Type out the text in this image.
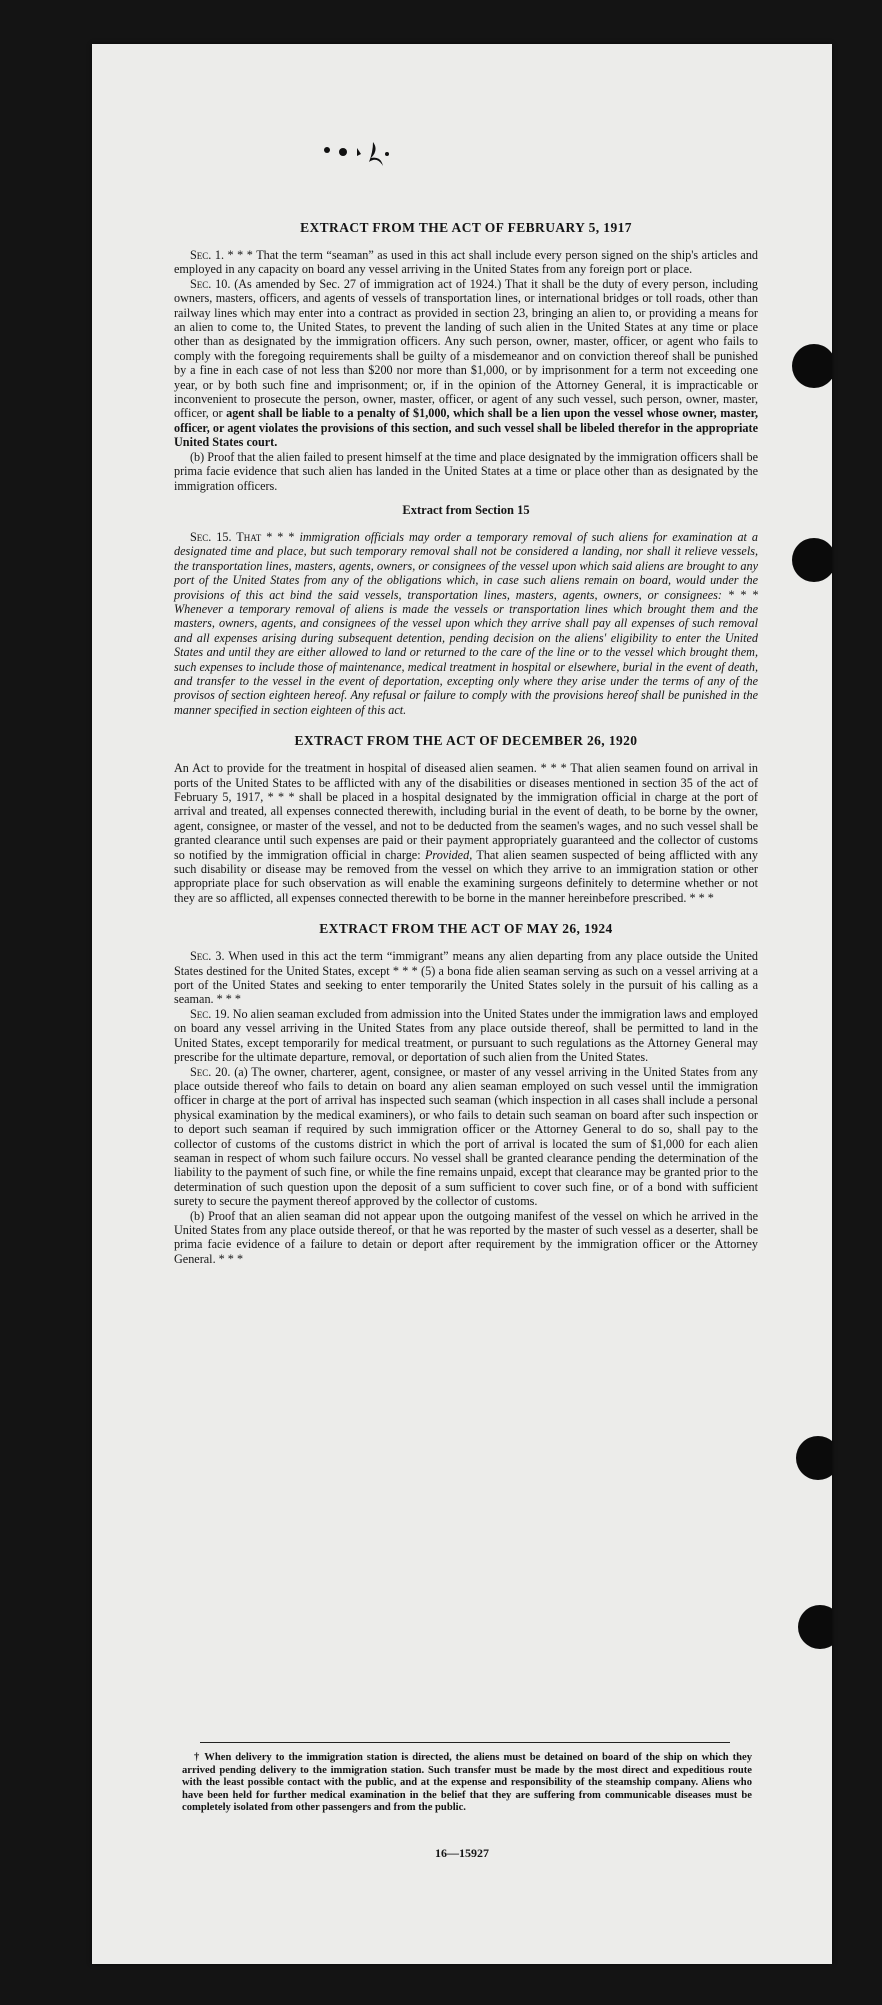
EXTRACT FROM THE ACT OF FEBRUARY 5, 1917

Sec. 1. * * * That the term “seaman” as used in this act shall include every person signed on the ship's articles and employed in any capacity on board any vessel arriving in the United States from any foreign port or place.

Sec. 10. (As amended by Sec. 27 of immigration act of 1924.) That it shall be the duty of every person, including owners, masters, officers, and agents of vessels of transportation lines, or international bridges or toll roads, other than railway lines which may enter into a contract as provided in section 23, bringing an alien to, or providing a means for an alien to come to, the United States, to prevent the landing of such alien in the United States at any time or place other than as designated by the immigration officers. Any such person, owner, master, officer, or agent who fails to comply with the foregoing requirements shall be guilty of a misdemeanor and on conviction thereof shall be punished by a fine in each case of not less than $200 nor more than $1,000, or by imprisonment for a term not exceeding one year, or by both such fine and imprisonment; or, if in the opinion of the Attorney General, it is impracticable or inconvenient to prosecute the person, owner, master, officer, or agent of any such vessel, such person, owner, master, officer, or agent shall be liable to a penalty of $1,000, which shall be a lien upon the vessel whose owner, master, officer, or agent violates the provisions of this section, and such vessel shall be libeled therefor in the appropriate United States court.

(b) Proof that the alien failed to present himself at the time and place designated by the immigration officers shall be prima facie evidence that such alien has landed in the United States at a time or place other than as designated by the immigration officers.

Extract from Section 15

Sec. 15. That * * * immigration officials may order a temporary removal of such aliens for examination at a designated time and place, but such temporary removal shall not be considered a landing, nor shall it relieve vessels, the transportation lines, masters, agents, owners, or consignees of the vessel upon which said aliens are brought to any port of the United States from any of the obligations which, in case such aliens remain on board, would under the provisions of this act bind the said vessels, transportation lines, masters, agents, owners, or consignees: * * * Whenever a temporary removal of aliens is made the vessels or transportation lines which brought them and the masters, owners, agents, and consignees of the vessel upon which they arrive shall pay all expenses of such removal and all expenses arising during subsequent detention, pending decision on the aliens' eligibility to enter the United States and until they are either allowed to land or returned to the care of the line or to the vessel which brought them, such expenses to include those of maintenance, medical treatment in hospital or elsewhere, burial in the event of death, and transfer to the vessel in the event of deportation, excepting only where they arise under the terms of any of the provisos of section eighteen hereof. Any refusal or failure to comply with the provisions hereof shall be punished in the manner specified in section eighteen of this act.

EXTRACT FROM THE ACT OF DECEMBER 26, 1920

An Act to provide for the treatment in hospital of diseased alien seamen. * * * That alien seamen found on arrival in ports of the United States to be afflicted with any of the disabilities or diseases mentioned in section 35 of the act of February 5, 1917, * * * shall be placed in a hospital designated by the immigration official in charge at the port of arrival and treated, all expenses connected therewith, including burial in the event of death, to be borne by the owner, agent, consignee, or master of the vessel, and not to be deducted from the seamen's wages, and no such vessel shall be granted clearance until such expenses are paid or their payment appropriately guaranteed and the collector of customs so notified by the immigration official in charge: Provided, That alien seamen suspected of being afflicted with any such disability or disease may be removed from the vessel on which they arrive to an immigration station or other appropriate place for such observation as will enable the examining surgeons definitely to determine whether or not they are so afflicted, all expenses connected therewith to be borne in the manner hereinbefore prescribed. * * *

EXTRACT FROM THE ACT OF MAY 26, 1924

Sec. 3. When used in this act the term “immigrant” means any alien departing from any place outside the United States destined for the United States, except * * * (5) a bona fide alien seaman serving as such on a vessel arriving at a port of the United States and seeking to enter temporarily the United States solely in the pursuit of his calling as a seaman. * * *

Sec. 19. No alien seaman excluded from admission into the United States under the immigration laws and employed on board any vessel arriving in the United States from any place outside thereof, shall be permitted to land in the United States, except temporarily for medical treatment, or pursuant to such regulations as the Attorney General may prescribe for the ultimate departure, removal, or deportation of such alien from the United States.

Sec. 20. (a) The owner, charterer, agent, consignee, or master of any vessel arriving in the United States from any place outside thereof who fails to detain on board any alien seaman employed on such vessel until the immigration officer in charge at the port of arrival has inspected such seaman (which inspection in all cases shall include a personal physical examination by the medical examiners), or who fails to detain such seaman on board after such inspection or to deport such seaman if required by such immigration officer or the Attorney General to do so, shall pay to the collector of customs of the customs district in which the port of arrival is located the sum of $1,000 for each alien seaman in respect of whom such failure occurs. No vessel shall be granted clearance pending the determination of the liability to the payment of such fine, or while the fine remains unpaid, except that clearance may be granted prior to the determination of such question upon the deposit of a sum sufficient to cover such fine, or of a bond with sufficient surety to secure the payment thereof approved by the collector of customs.

(b) Proof that an alien seaman did not appear upon the outgoing manifest of the vessel on which he arrived in the United States from any place outside thereof, or that he was reported by the master of such vessel as a deserter, shall be prima facie evidence of a failure to detain or deport after requirement by the immigration officer or the Attorney General. * * *

† When delivery to the immigration station is directed, the aliens must be detained on board of the ship on which they arrived pending delivery to the immigration station. Such transfer must be made by the most direct and expeditious route with the least possible contact with the public, and at the expense and responsibility of the steamship company. Aliens who have been held for further medical examination in the belief that they are suffering from communicable diseases must be completely isolated from other passengers and from the public.

16—15927
